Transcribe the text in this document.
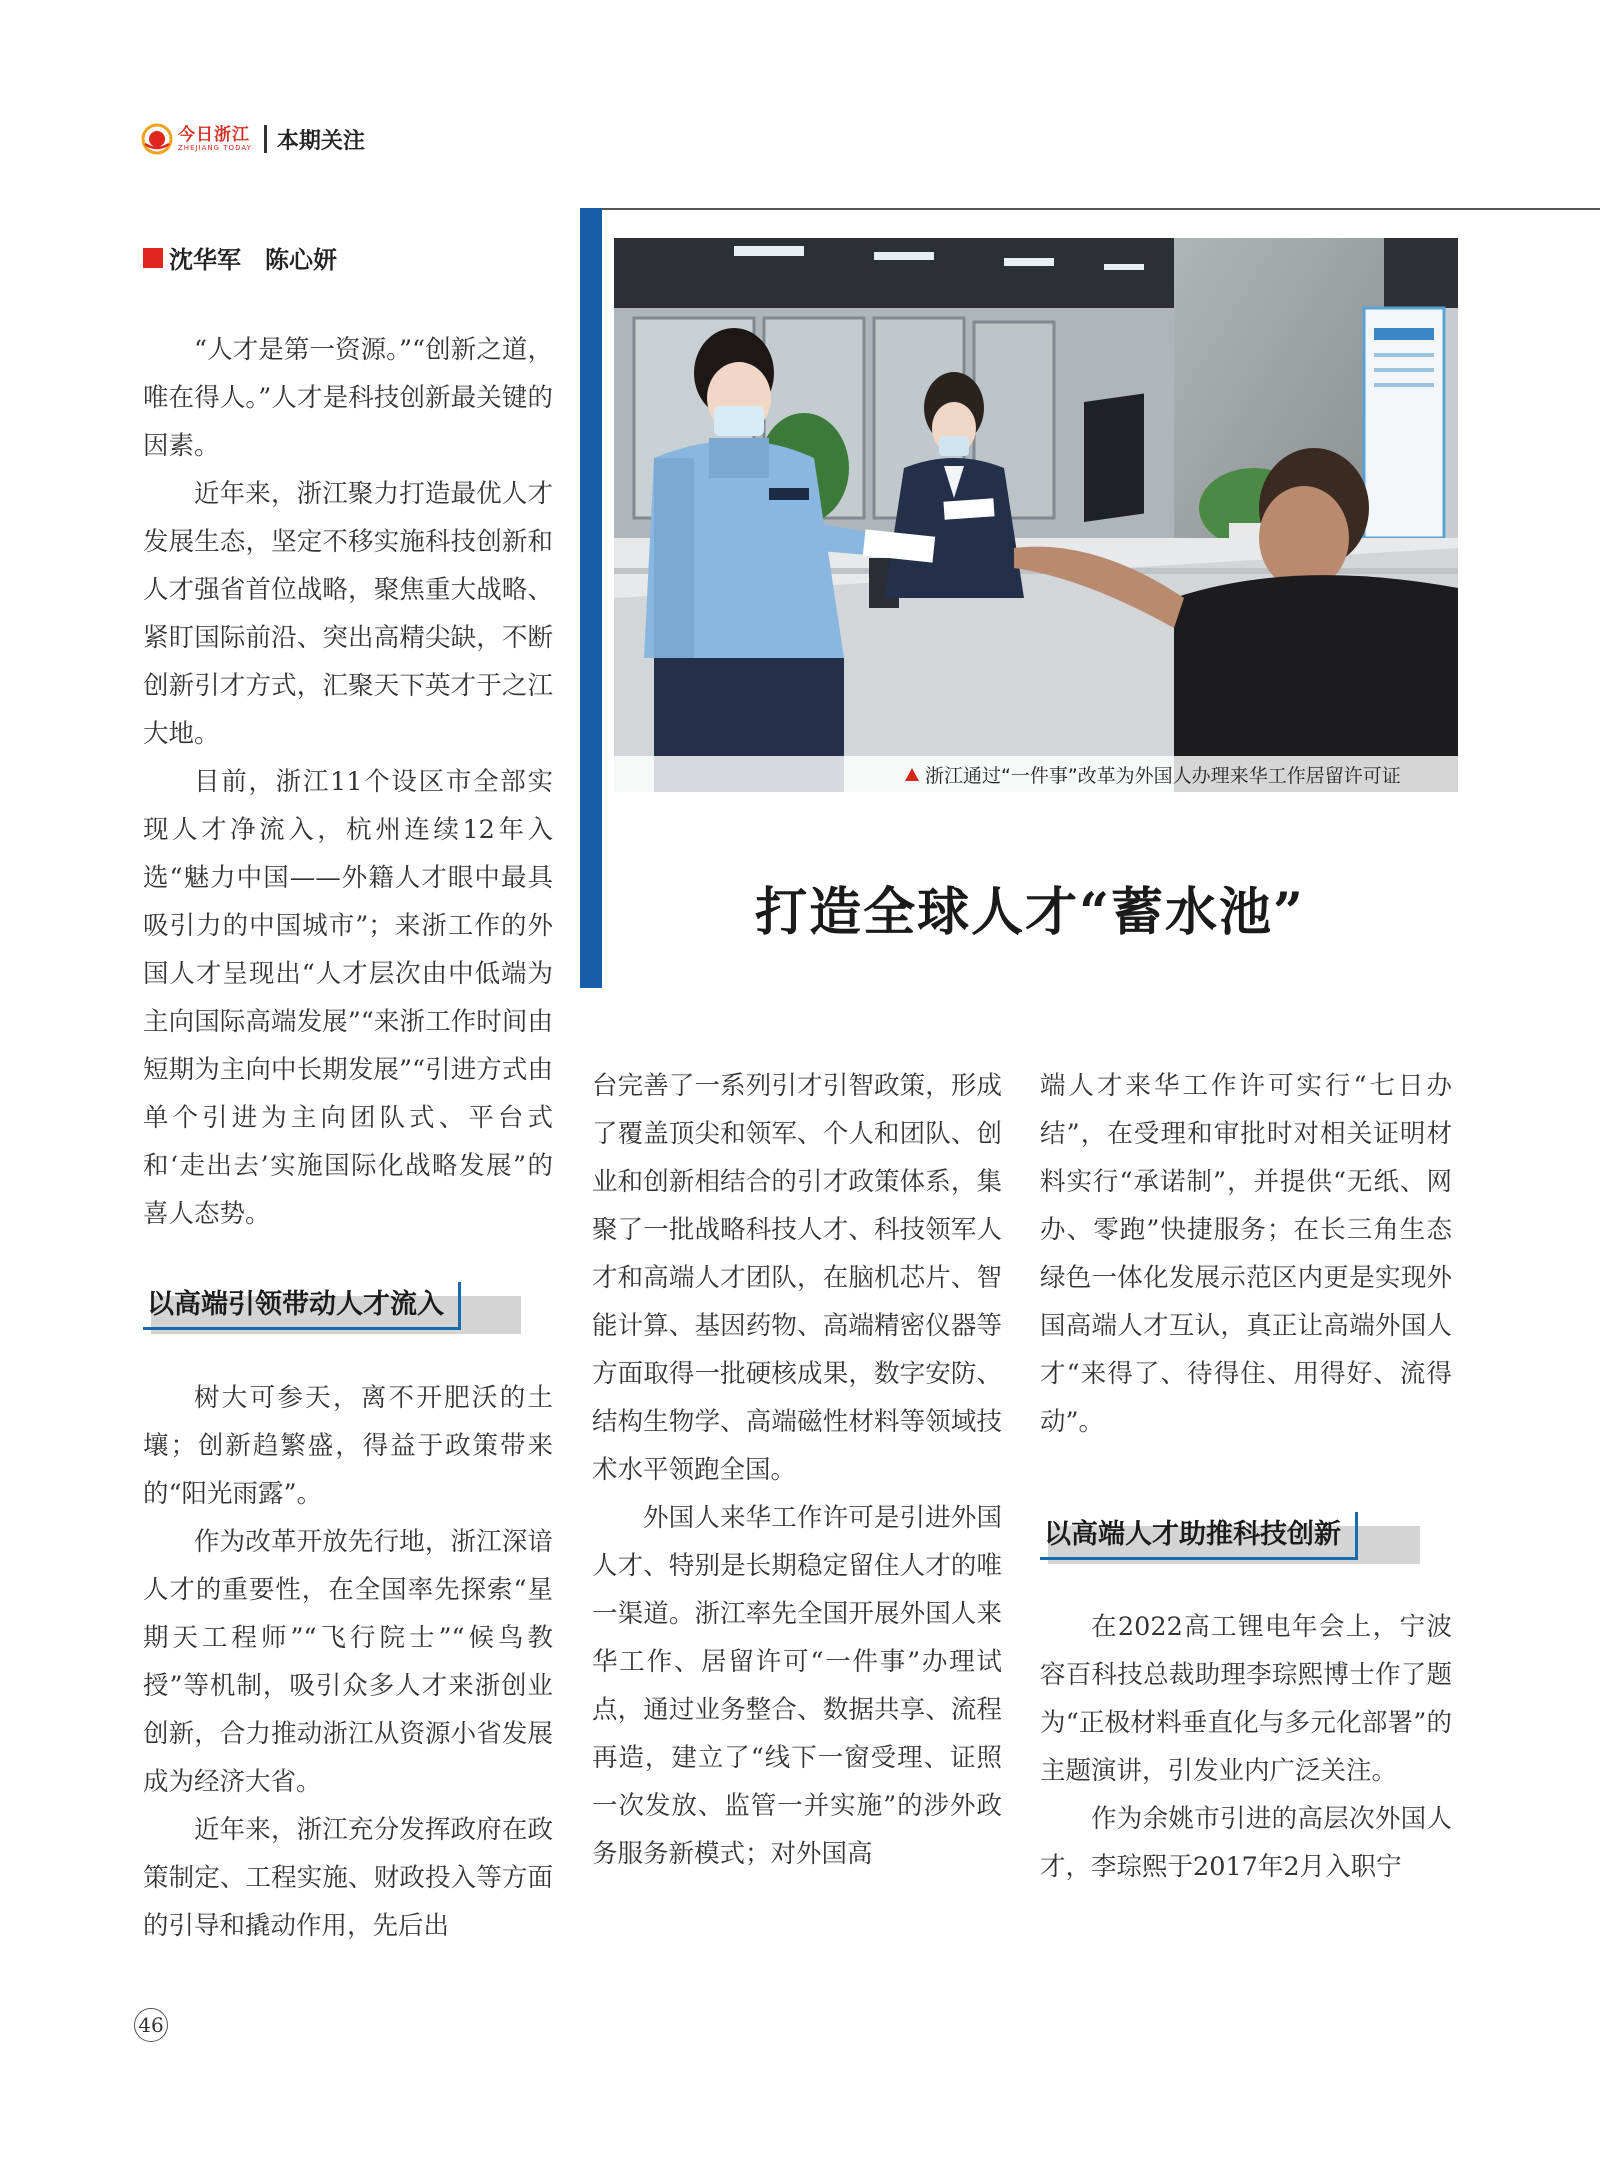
今日浙江
ZHEJIANG TODAY 本期关注
沈华军　陈心妍
浙江通过“一件事”改革为外国人办理来华工作居留许可证
打造全球人才“蓄水池”

“人才是第一资源。”“创新之道，唯在得人。”人才是科技创新最关键的因素。

近年来，浙江聚力打造最优人才发展生态，坚定不移实施科技创新和人才强省首位战略，聚焦重大战略、紧盯国际前沿、突出高精尖缺，不断创新引才方式，汇聚天下英才于之江大地。

目前，浙江11个设区市全部实现人才净流入，杭州连续12年入选“魅力中国——外籍人才眼中最具吸引力的中国城市”；来浙工作的外国人才呈现出“人才层次由中低端为主向国际高端发展”“来浙工作时间由短期为主向中长期发展”“引进方式由单个引进为主向团队式、平台式和‘走出去’实施国际化战略发展”的喜人态势。

以高端引领带动人才流入

树大可参天，离不开肥沃的土壤；创新趋繁盛，得益于政策带来的“阳光雨露”。

作为改革开放先行地，浙江深谙人才的重要性，在全国率先探索“星期天工程师”“飞行院士”“候鸟教授”等机制，吸引众多人才来浙创业创新，合力推动浙江从资源小省发展成为经济大省。

近年来，浙江充分发挥政府在政策制定、工程实施、财政投入等方面的引导和撬动作用，先后出

台完善了一系列引才引智政策，形成了覆盖顶尖和领军、个人和团队、创业和创新相结合的引才政策体系，集聚了一批战略科技人才、科技领军人才和高端人才团队，在脑机芯片、智能计算、基因药物、高端精密仪器等方面取得一批硬核成果，数字安防、结构生物学、高端磁性材料等领域技术水平领跑全国。

外国人来华工作许可是引进外国人才、特别是长期稳定留住人才的唯一渠道。浙江率先全国开展外国人来华工作、居留许可“一件事”办理试点，通过业务整合、数据共享、流程再造，建立了“线下一窗受理、证照一次发放、监管一并实施”的涉外政务服务新模式；对外国高

端人才来华工作许可实行“七日办结”，在受理和审批时对相关证明材料实行“承诺制”，并提供“无纸、网办、零跑”快捷服务；在长三角生态绿色一体化发展示范区内更是实现外国高端人才互认，真正让高端外国人才“来得了、待得住、用得好、流得动”。

以高端人才助推科技创新

在2022高工锂电年会上，宁波容百科技总裁助理李琮熙博士作了题为“正极材料垂直化与多元化部署”的主题演讲，引发业内广泛关注。

作为余姚市引进的高层次外国人才，李琮熙于2017年2月入职宁

46
